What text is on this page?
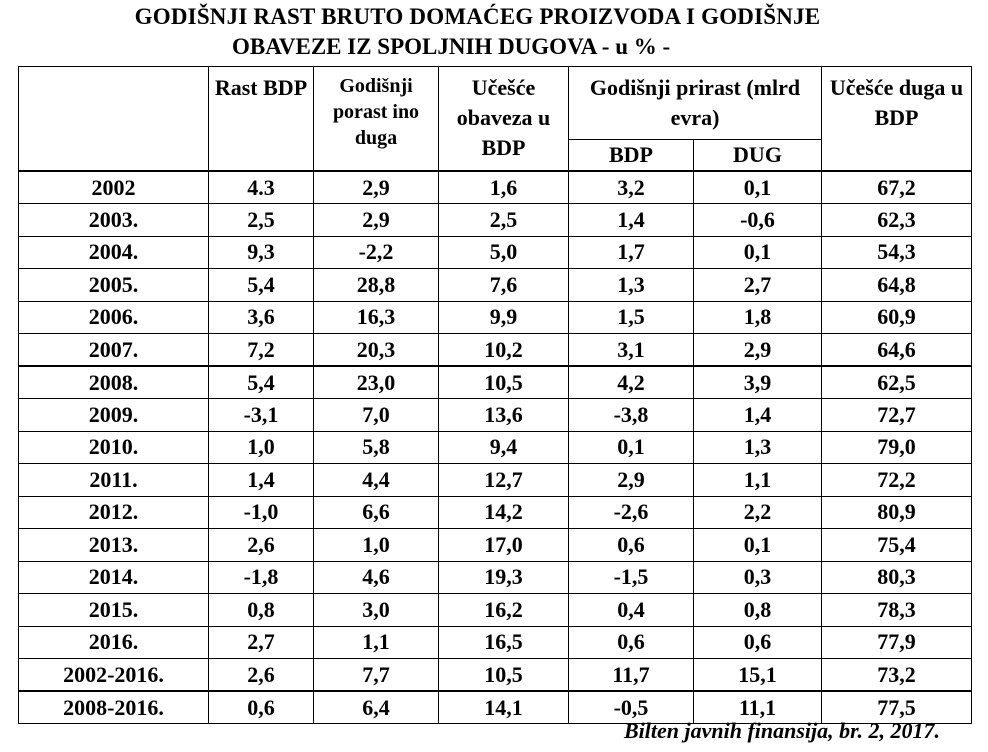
GODIŠNJI RAST BRUTO DOMAĆEG PROIZVODA I GODIŠNJE
OBAVEZE IZ SPOLJNIH DUGOVA - u % -
	Rast BDP	Godišnji porast ino duga	Učešće obaveza u BDP	Godišnji prirast (mlrd evra)		Učešće duga u BDP
				BDP	DUG	
2002	4.3	2,9	1,6	3,2	0,1	67,2
2003.	2,5	2,9	2,5	1,4	-0,6	62,3
2004.	9,3	-2,2	5,0	1,7	0,1	54,3
2005.	5,4	28,8	7,6	1,3	2,7	64,8
2006.	3,6	16,3	9,9	1,5	1,8	60,9
2007.	7,2	20,3	10,2	3,1	2,9	64,6
2008.	5,4	23,0	10,5	4,2	3,9	62,5
2009.	-3,1	7,0	13,6	-3,8	1,4	72,7
2010.	1,0	5,8	9,4	0,1	1,3	79,0
2011.	1,4	4,4	12,7	2,9	1,1	72,2
2012.	-1,0	6,6	14,2	-2,6	2,2	80,9
2013.	2,6	1,0	17,0	0,6	0,1	75,4
2014.	-1,8	4,6	19,3	-1,5	0,3	80,3
2015.	0,8	3,0	16,2	0,4	0,8	78,3
2016.	2,7	1,1	16,5	0,6	0,6	77,9
2002-2016.	2,6	7,7	10,5	11,7	15,1	73,2
2008-2016.	0,6	6,4	14,1	-0,5	11,1	77,5
Bilten javnih finansija, br. 2, 2017.
